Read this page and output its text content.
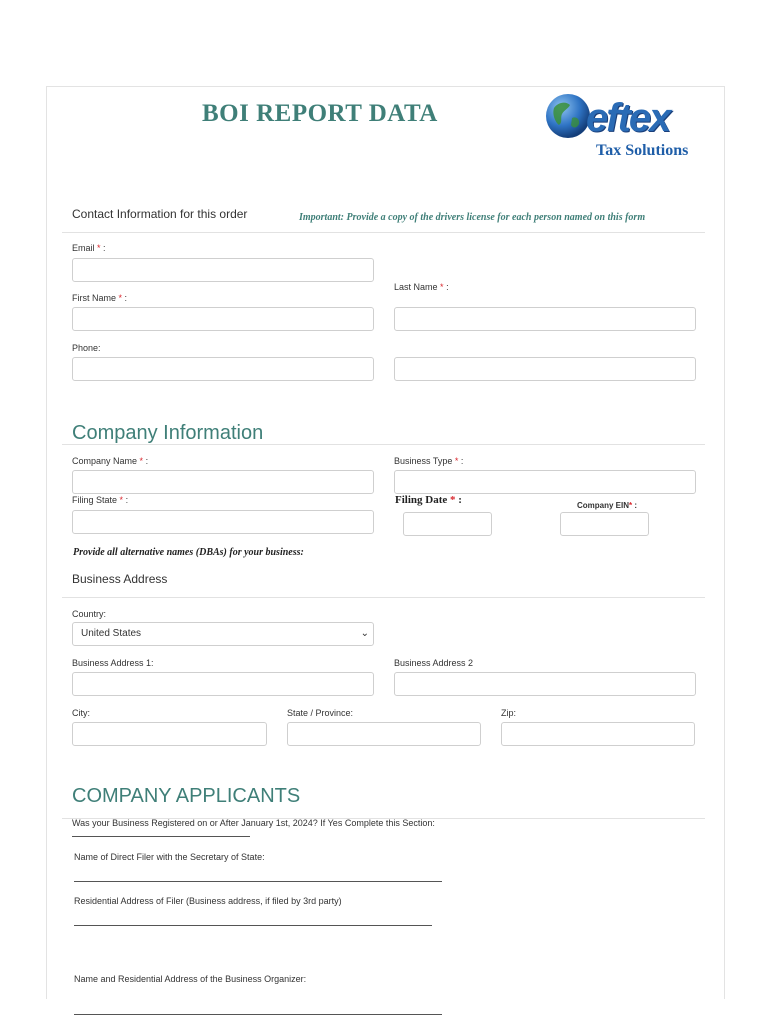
BOI REPORT DATA	eftex
Tax Solutions
Contact Information for this order	Important: Provide a copy of the drivers license for each person named on this form
Email * :
Last Name * :
First Name * :
Phone:
Company Information
Company Name * :	Business Type * :
Filing State * :	Filing Date * :	Company EIN* :
Provide all alternative names (DBAs) for your business:
Business Address
Country:
United States	⌄
Business Address 1:	Business Address 2
City:	State / Province:	Zip:
COMPANY APPLICANTS
Was your Business Registered on or After January 1st, 2024? If Yes Complete this Section:
Name of Direct Filer with the Secretary of State:
Residential Address of Filer (Business address, if filed by 3rd party)
Name and Residential Address of the Business Organizer:
